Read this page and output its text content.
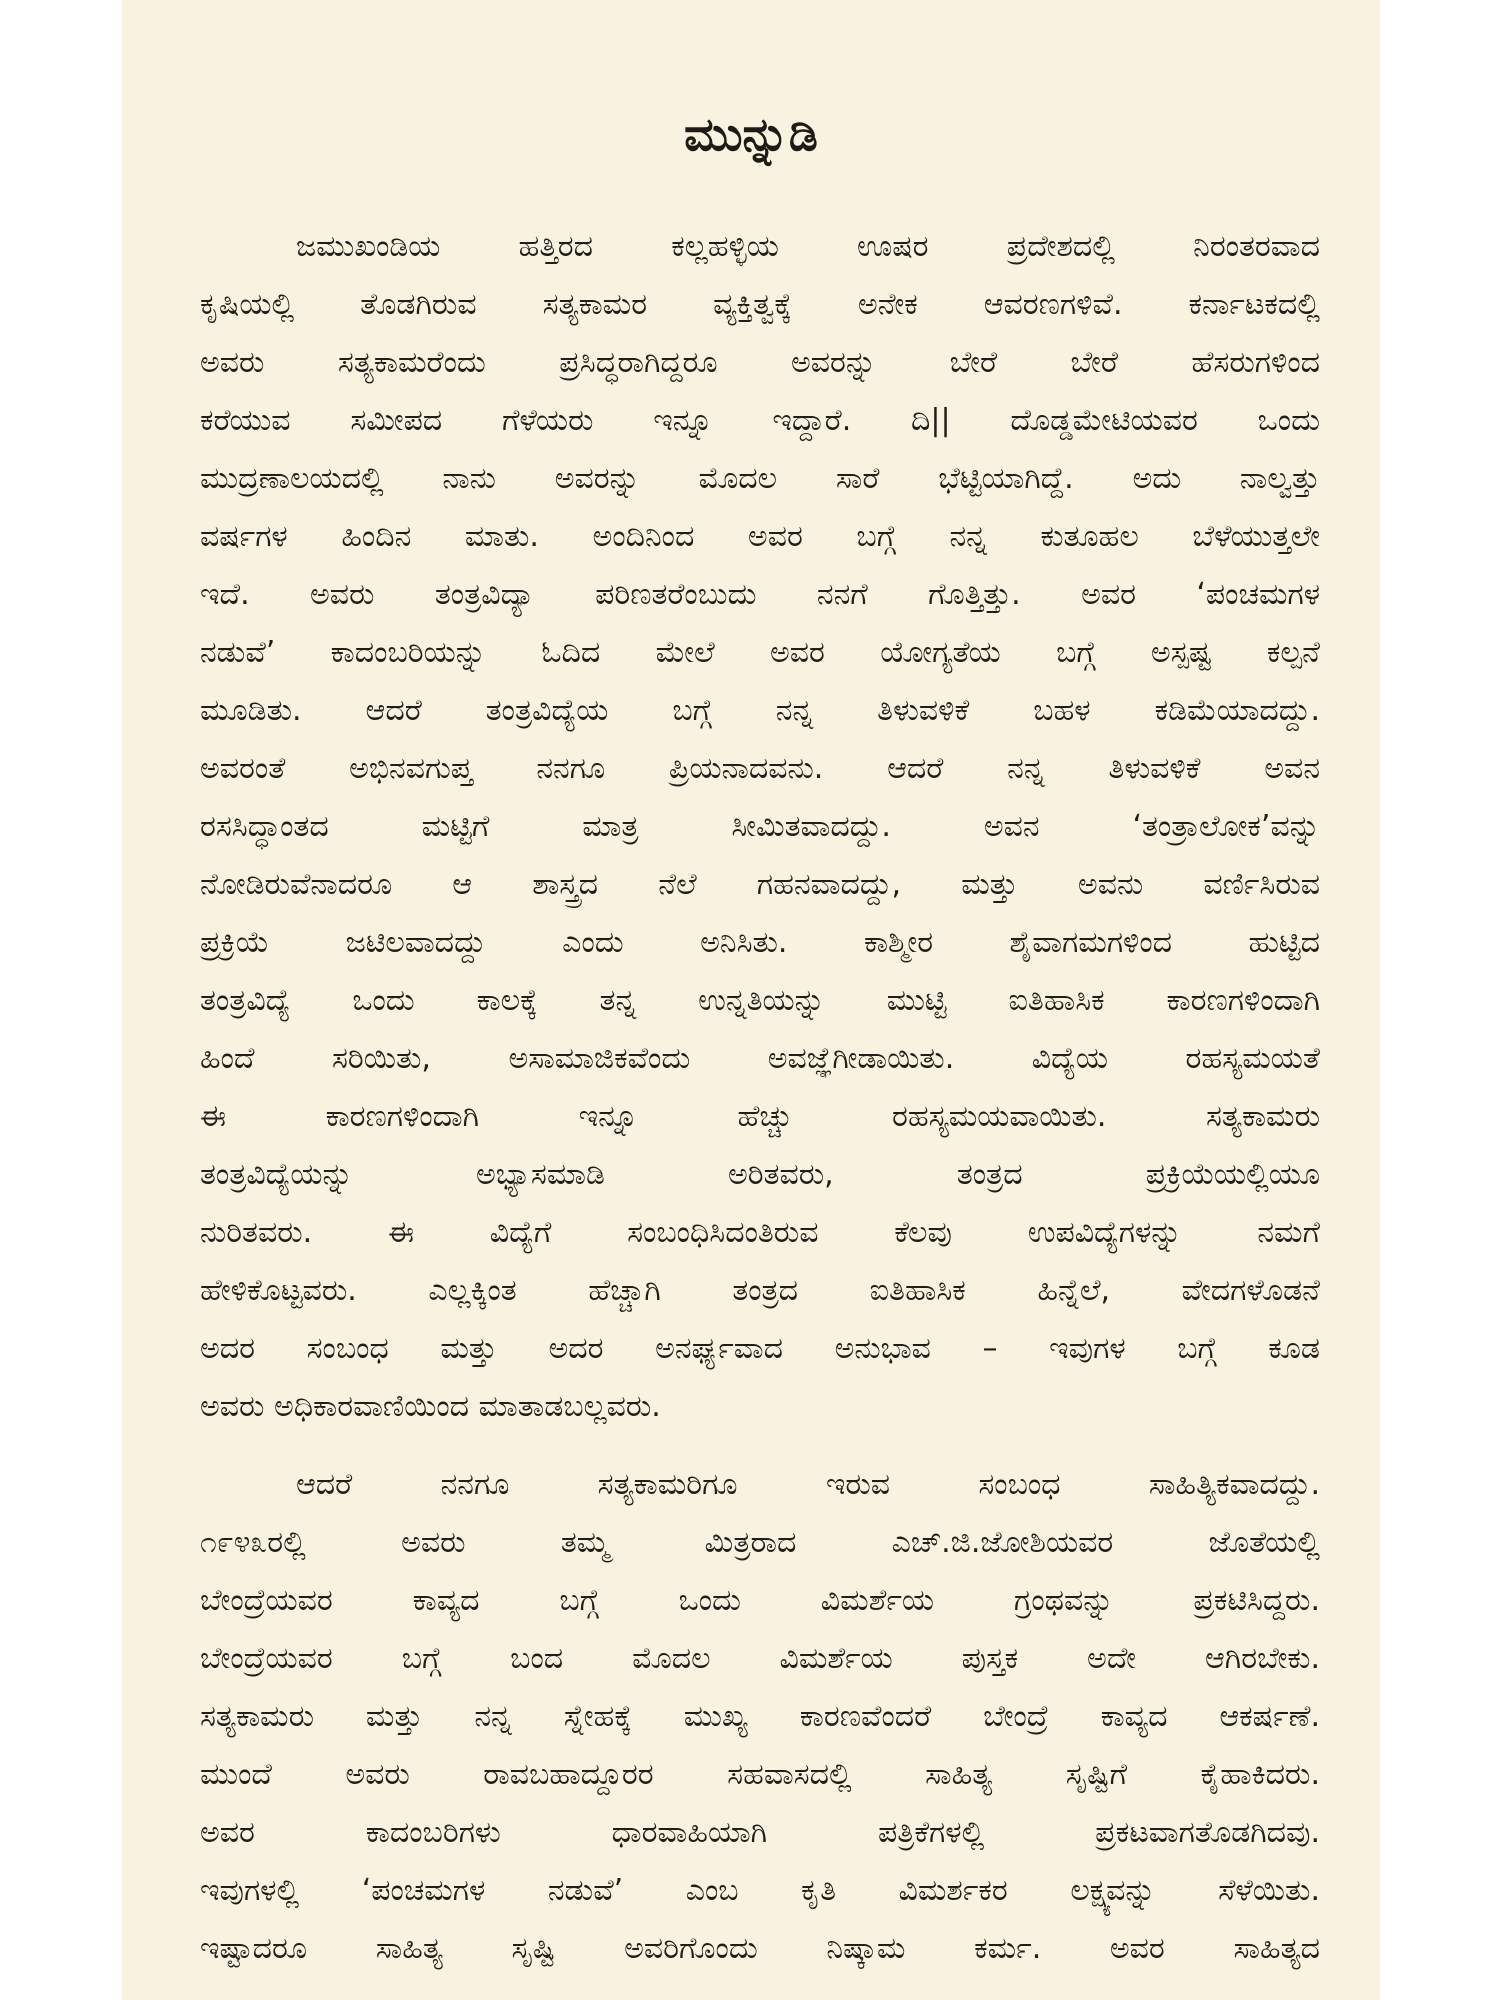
ಮುನ್ನುಡಿ

ಜಮುಖಂಡಿಯ ಹತ್ತಿರದ ಕಲ್ಲಹಳ್ಳಿಯ ಊಷರ ಪ್ರದೇಶದಲ್ಲಿ ನಿರಂತರವಾದ
ಕೃಷಿಯಲ್ಲಿ ತೊಡಗಿರುವ ಸತ್ಯಕಾಮರ ವ್ಯಕ್ತಿತ್ವಕ್ಕೆ ಅನೇಕ ಆವರಣಗಳಿವೆ. ಕರ್ನಾಟಕದಲ್ಲಿ
ಅವರು ಸತ್ಯಕಾಮರೆಂದು ಪ್ರಸಿದ್ಧರಾಗಿದ್ದರೂ ಅವರನ್ನು ಬೇರೆ ಬೇರೆ ಹೆಸರುಗಳಿಂದ
ಕರೆಯುವ ಸಮೀಪದ ಗೆಳೆಯರು ಇನ್ನೂ ಇದ್ದಾರೆ. ದಿ|| ದೊಡ್ಡಮೇಟಿಯವರ ಒಂದು
ಮುದ್ರಣಾಲಯದಲ್ಲಿ ನಾನು ಅವರನ್ನು ಮೊದಲ ಸಾರೆ ಭೆಟ್ಟಿಯಾಗಿದ್ದೆ. ಅದು ನಾಲ್ವತ್ತು
ವರ್ಷಗಳ ಹಿಂದಿನ ಮಾತು. ಅಂದಿನಿಂದ ಅವರ ಬಗ್ಗೆ ನನ್ನ ಕುತೂಹಲ ಬೆಳೆಯುತ್ತಲೇ
ಇದೆ. ಅವರು ತಂತ್ರವಿದ್ಯಾ ಪರಿಣತರೆಂಬುದು ನನಗೆ ಗೊತ್ತಿತ್ತು. ಅವರ ‘ಪಂಚಮಗಳ
ನಡುವೆ’ ಕಾದಂಬರಿಯನ್ನು ಓದಿದ ಮೇಲೆ ಅವರ ಯೋಗ್ಯತೆಯ ಬಗ್ಗೆ ಅಸ್ಪಷ್ಟ ಕಲ್ಪನೆ
ಮೂಡಿತು. ಆದರೆ ತಂತ್ರವಿದ್ಯೆಯ ಬಗ್ಗೆ ನನ್ನ ತಿಳುವಳಿಕೆ ಬಹಳ ಕಡಿಮೆಯಾದದ್ದು.
ಅವರಂತೆ ಅಭಿನವಗುಪ್ತ ನನಗೂ ಪ್ರಿಯನಾದವನು. ಆದರೆ ನನ್ನ ತಿಳುವಳಿಕೆ ಅವನ
ರಸಸಿದ್ಧಾಂತದ ಮಟ್ಟಿಗೆ ಮಾತ್ರ ಸೀಮಿತವಾದದ್ದು. ಅವನ ‘ತಂತ್ರಾಲೋಕ’ವನ್ನು
ನೋಡಿರುವೆನಾದರೂ ಆ ಶಾಸ್ತ್ರದ ನೆಲೆ ಗಹನವಾದದ್ದು, ಮತ್ತು ಅವನು ವರ್ಣಿಸಿರುವ
ಪ್ರಕ್ರಿಯೆ ಜಟಿಲವಾದದ್ದು ಎಂದು ಅನಿಸಿತು. ಕಾಶ್ಮೀರ ಶೈವಾಗಮಗಳಿಂದ ಹುಟ್ಟಿದ
ತಂತ್ರವಿದ್ಯೆ ಒಂದು ಕಾಲಕ್ಕೆ ತನ್ನ ಉನ್ನತಿಯನ್ನು ಮುಟ್ಟಿ ಐತಿಹಾಸಿಕ ಕಾರಣಗಳಿಂದಾಗಿ
ಹಿಂದೆ ಸರಿಯಿತು, ಅಸಾಮಾಜಿಕವೆಂದು ಅವಜ್ಞೆಗೀಡಾಯಿತು. ವಿದ್ಯೆಯ ರಹಸ್ಯಮಯತೆ
ಈ ಕಾರಣಗಳಿಂದಾಗಿ ಇನ್ನೂ ಹೆಚ್ಚು ರಹಸ್ಯಮಯವಾಯಿತು. ಸತ್ಯಕಾಮರು
ತಂತ್ರವಿದ್ಯೆಯನ್ನು ಅಭ್ಯಾಸಮಾಡಿ ಅರಿತವರು, ತಂತ್ರದ ಪ್ರಕ್ರಿಯೆಯಲ್ಲಿಯೂ
ನುರಿತವರು. ಈ ವಿದ್ಯೆಗೆ ಸಂಬಂಧಿಸಿದಂತಿರುವ ಕೆಲವು ಉಪವಿದ್ಯೆಗಳನ್ನು ನಮಗೆ
ಹೇಳಿಕೊಟ್ಟವರು. ಎಲ್ಲಕ್ಕಿಂತ ಹೆಚ್ಚಾಗಿ ತಂತ್ರದ ಐತಿಹಾಸಿಕ ಹಿನ್ನೆಲೆ, ವೇದಗಳೊಡನೆ
ಅದರ ಸಂಬಂಧ ಮತ್ತು ಅದರ ಅನರ್ಘ್ಯವಾದ ಅನುಭಾವ – ಇವುಗಳ ಬಗ್ಗೆ ಕೂಡ
ಅವರು ಅಧಿಕಾರವಾಣಿಯಿಂದ ಮಾತಾಡಬಲ್ಲವರು.

ಆದರೆ ನನಗೂ ಸತ್ಯಕಾಮರಿಗೂ ಇರುವ ಸಂಬಂಧ ಸಾಹಿತ್ಯಿಕವಾದದ್ದು.
೧೯೪೩ರಲ್ಲಿ ಅವರು ತಮ್ಮ ಮಿತ್ರರಾದ ಎಚ್.ಜಿ.ಜೋಶಿಯವರ ಜೊತೆಯಲ್ಲಿ
ಬೇಂದ್ರೆಯವರ ಕಾವ್ಯದ ಬಗ್ಗೆ ಒಂದು ವಿಮರ್ಶೆಯ ಗ್ರಂಥವನ್ನು ಪ್ರಕಟಿಸಿದ್ದರು.
ಬೇಂದ್ರೆಯವರ ಬಗ್ಗೆ ಬಂದ ಮೊದಲ ವಿಮರ್ಶೆಯ ಪುಸ್ತಕ ಅದೇ ಆಗಿರಬೇಕು.
ಸತ್ಯಕಾಮರು ಮತ್ತು ನನ್ನ ಸ್ನೇಹಕ್ಕೆ ಮುಖ್ಯ ಕಾರಣವೆಂದರೆ ಬೇಂದ್ರೆ ಕಾವ್ಯದ ಆಕರ್ಷಣೆ.
ಮುಂದೆ ಅವರು ರಾವಬಹಾದ್ದೂರರ ಸಹವಾಸದಲ್ಲಿ ಸಾಹಿತ್ಯ ಸೃಷ್ಟಿಗೆ ಕೈಹಾಕಿದರು.
ಅವರ ಕಾದಂಬರಿಗಳು ಧಾರವಾಹಿಯಾಗಿ ಪತ್ರಿಕೆಗಳಲ್ಲಿ ಪ್ರಕಟವಾಗತೊಡಗಿದವು.
ಇವುಗಳಲ್ಲಿ ‘ಪಂಚಮಗಳ ನಡುವೆ’ ಎಂಬ ಕೃತಿ ವಿಮರ್ಶಕರ ಲಕ್ಷ್ಯವನ್ನು ಸೆಳೆಯಿತು.
ಇಷ್ಟಾದರೂ ಸಾಹಿತ್ಯ ಸೃಷ್ಟಿ ಅವರಿಗೊಂದು ನಿಷ್ಕಾಮ ಕರ್ಮ. ಅವರ ಸಾಹಿತ್ಯದ
